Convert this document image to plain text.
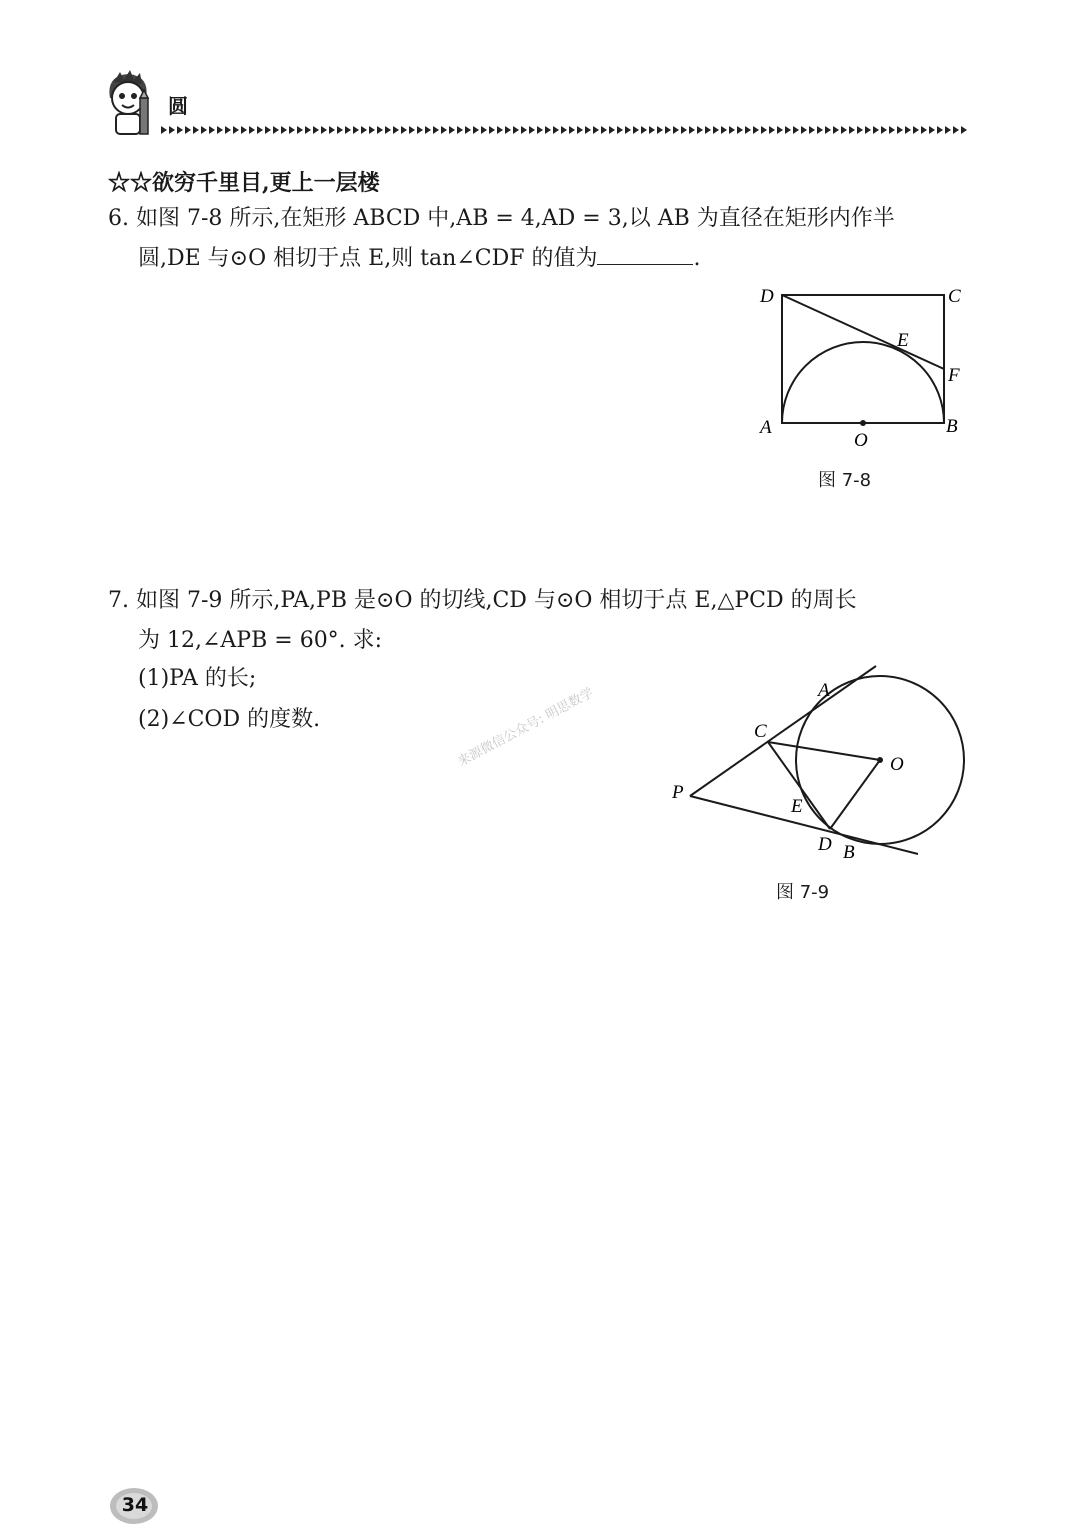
圆
☆☆欲穷千里目,更上一层楼
6. 如图 7-8 所示,在矩形 ABCD 中,AB = 4,AD = 3,以 AB 为直径在矩形内作半
圆,DE 与⊙O 相切于点 E,则 tan∠CDF 的值为	.
D	C
E
F
A	B
O
图 7-8
7. 如图 7-9 所示,PA,PB 是⊙O 的切线,CD 与⊙O 相切于点 E,△PCD 的周长
为 12,∠APB = 60°. 求:
(1)PA 的长;
(2)∠COD 的度数.
A
C
O
P
E
D B
图 7-9
来源微信公众号: 明思数学
34
